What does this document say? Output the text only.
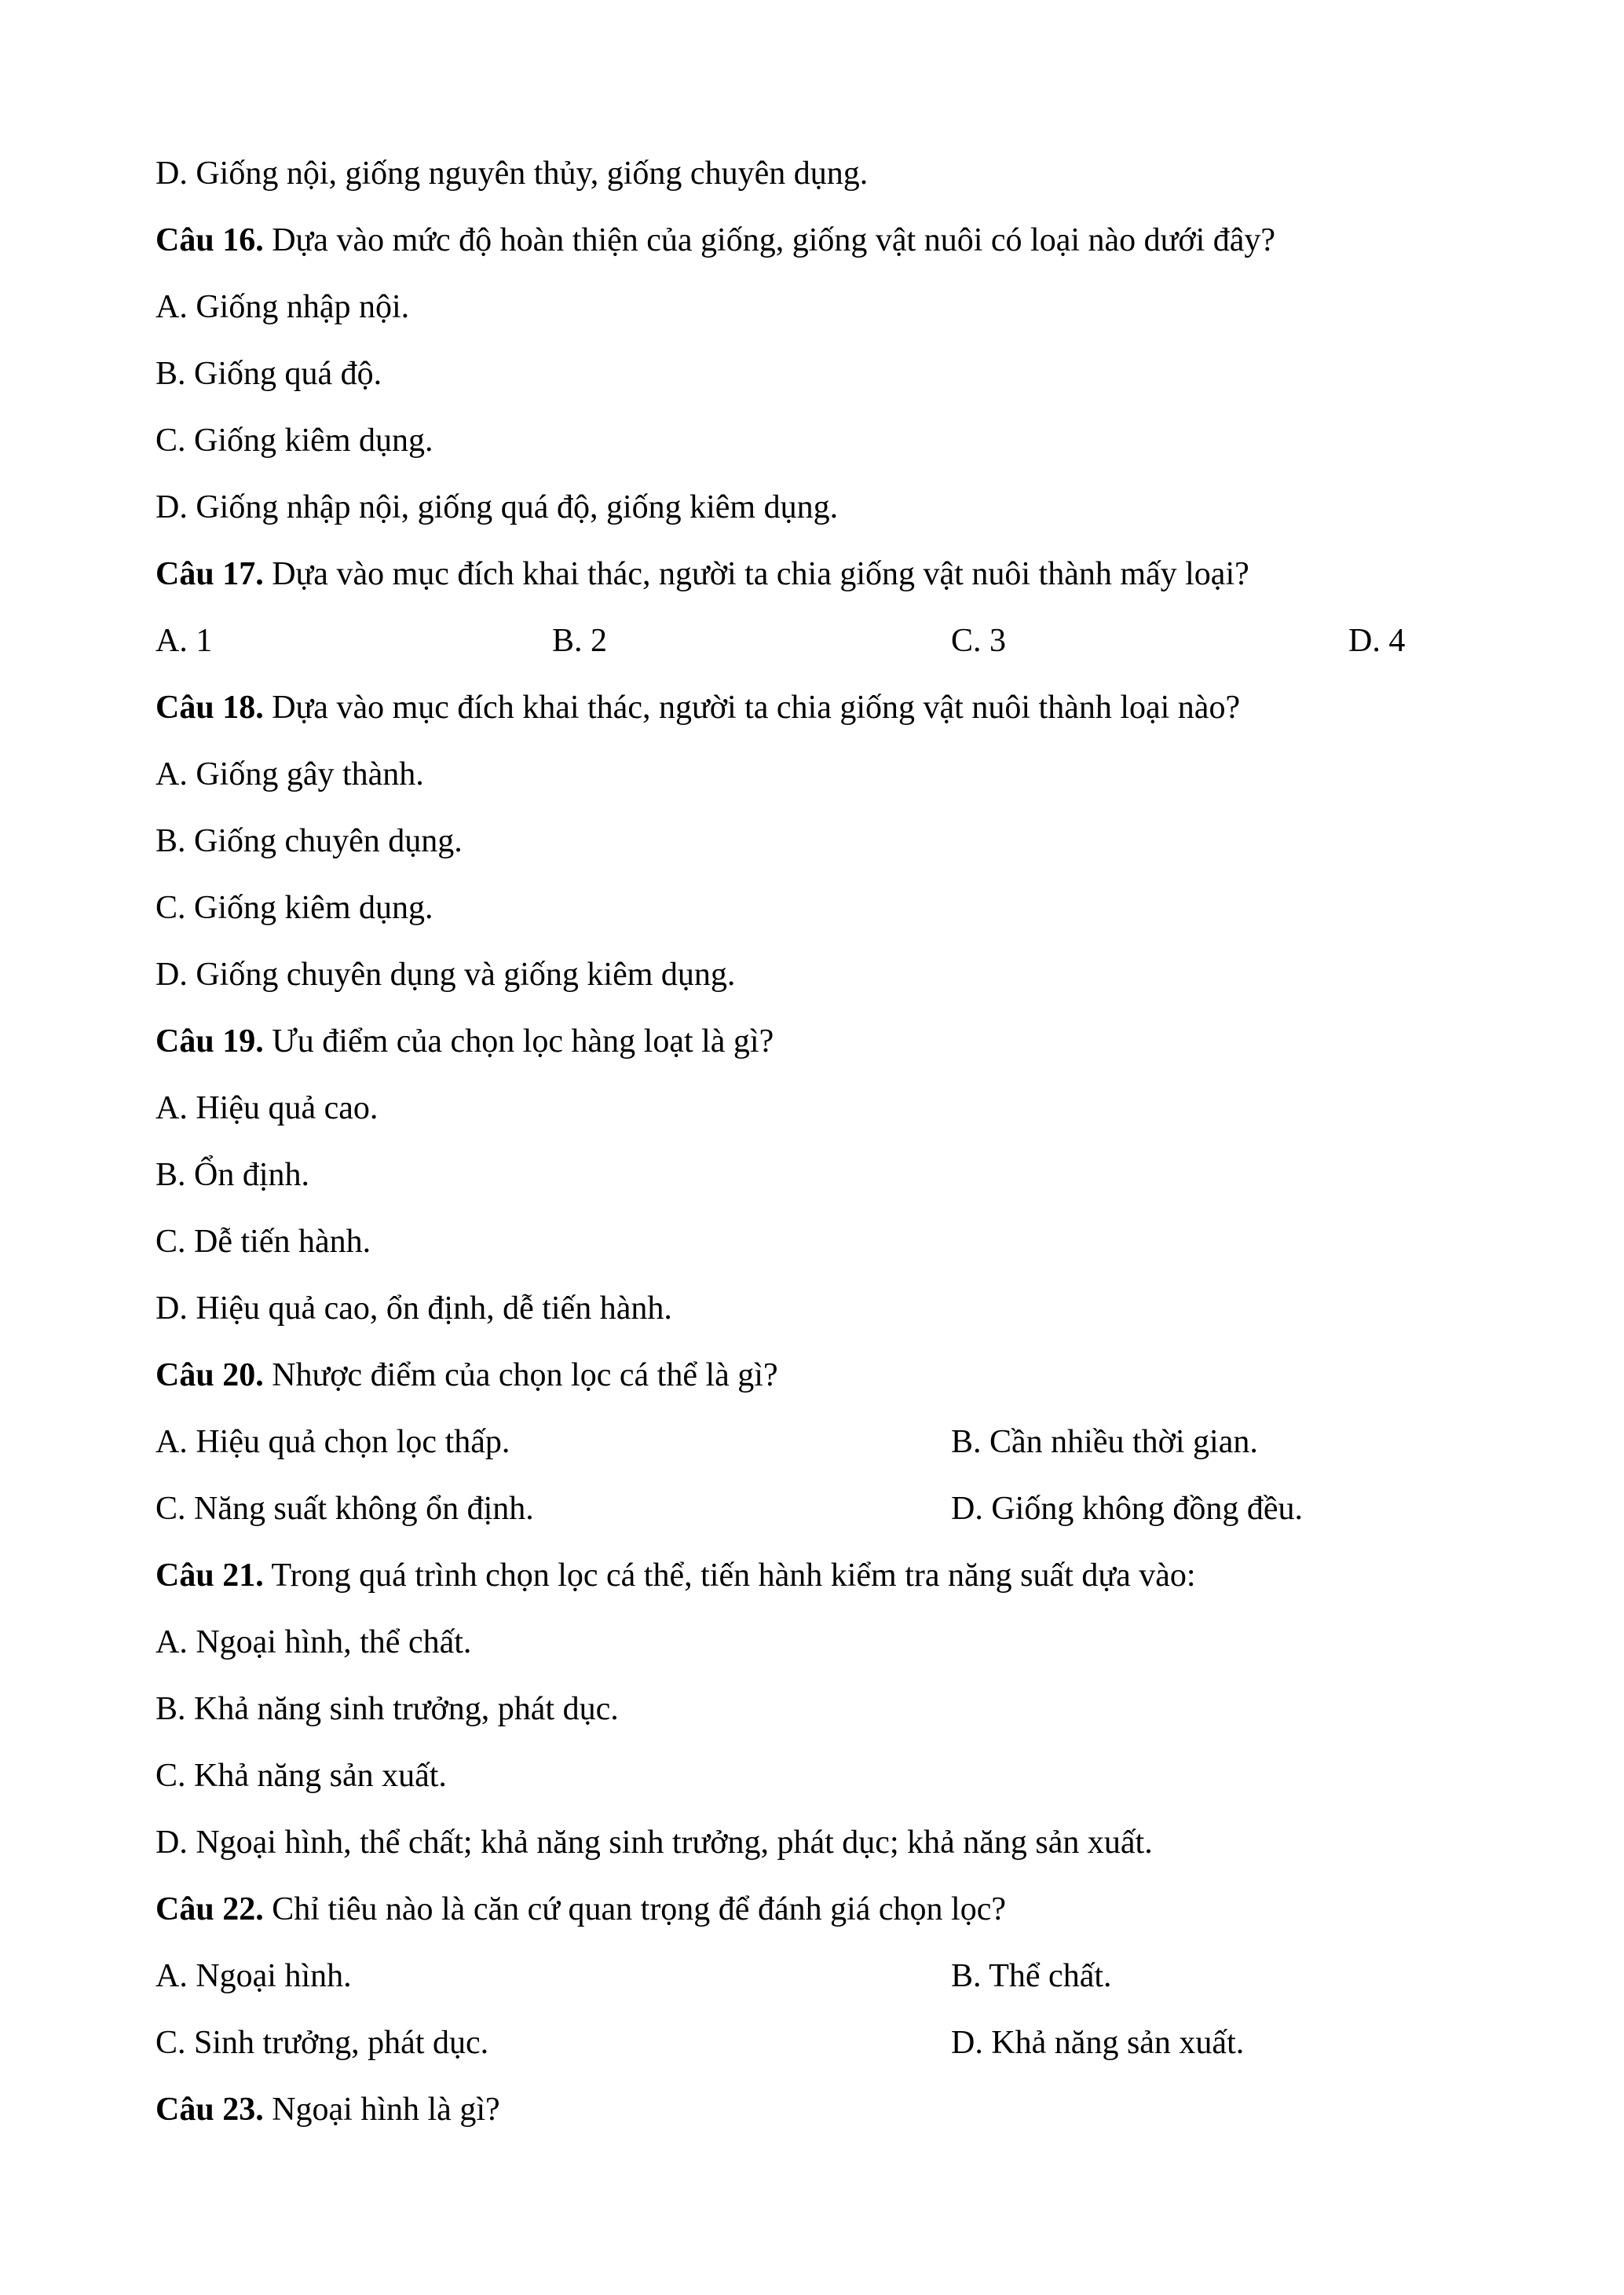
D. Giống nội, giống nguyên thủy, giống chuyên dụng.
Câu 16. Dựa vào mức độ hoàn thiện của giống, giống vật nuôi có loại nào dưới đây?
A. Giống nhập nội.
B. Giống quá độ.
C. Giống kiêm dụng.
D. Giống nhập nội, giống quá độ, giống kiêm dụng.
Câu 17. Dựa vào mục đích khai thác, người ta chia giống vật nuôi thành mấy loại?
A. 1	B. 2	C. 3	D. 4
Câu 18. Dựa vào mục đích khai thác, người ta chia giống vật nuôi thành loại nào?
A. Giống gây thành.
B. Giống chuyên dụng.
C. Giống kiêm dụng.
D. Giống chuyên dụng và giống kiêm dụng.
Câu 19. Ưu điểm của chọn lọc hàng loạt là gì?
A. Hiệu quả cao.
B. Ổn định.
C. Dễ tiến hành.
D. Hiệu quả cao, ổn định, dễ tiến hành.
Câu 20. Nhược điểm của chọn lọc cá thể là gì?
A. Hiệu quả chọn lọc thấp.	B. Cần nhiều thời gian.
C. Năng suất không ổn định.	D. Giống không đồng đều.
Câu 21. Trong quá trình chọn lọc cá thể, tiến hành kiểm tra năng suất dựa vào:
A. Ngoại hình, thể chất.
B. Khả năng sinh trưởng, phát dục.
C. Khả năng sản xuất.
D. Ngoại hình, thể chất; khả năng sinh trưởng, phát dục; khả năng sản xuất.
Câu 22. Chỉ tiêu nào là căn cứ quan trọng để đánh giá chọn lọc?
A. Ngoại hình.	B. Thể chất.
C. Sinh trưởng, phát dục.	D. Khả năng sản xuất.
Câu 23. Ngoại hình là gì?
